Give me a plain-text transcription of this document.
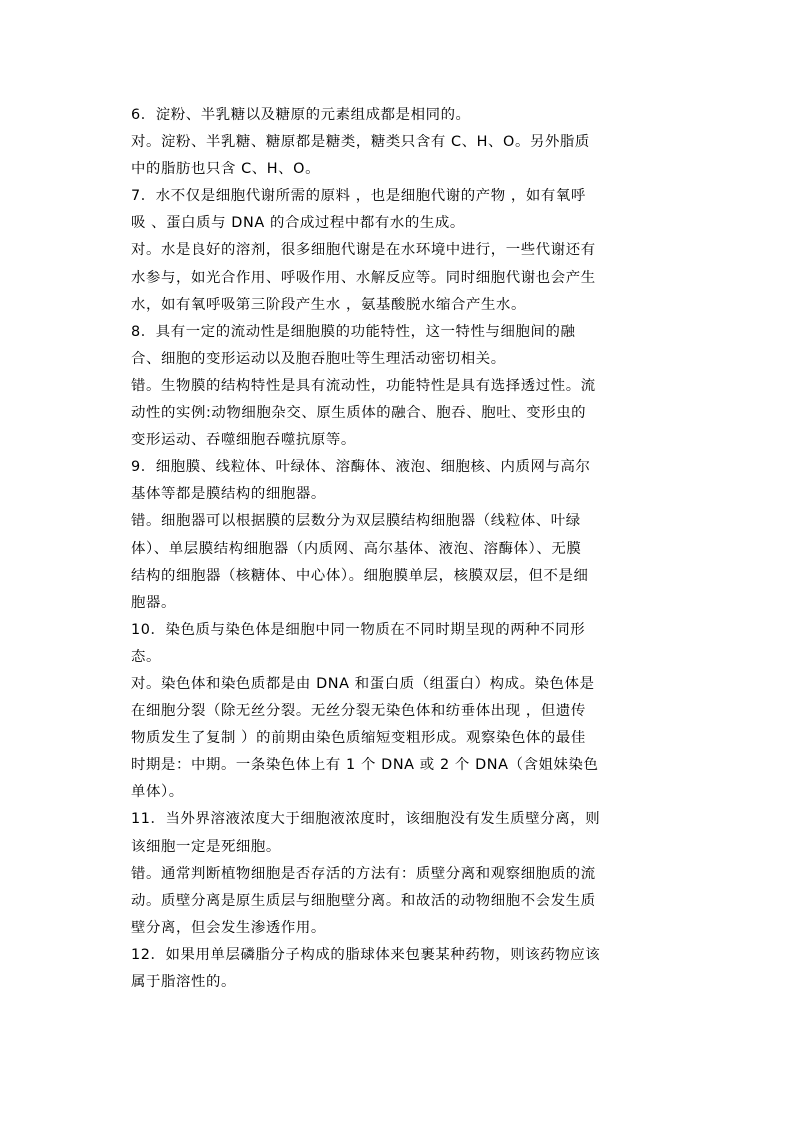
6．淀粉、半乳糖以及糖原的元素组成都是相同的。
对。淀粉、半乳糖、糖原都是糖类，糖类只含有 C、H、O。另外脂质
中的脂肪也只含 C、H、O。
7．水不仅是细胞代谢所需的原料 ，也是细胞代谢的产物 ，如有氧呼
吸 、蛋白质与 DNA 的合成过程中都有水的生成。
对。水是良好的溶剂，很多细胞代谢是在水环境中进行，一些代谢还有
水参与，如光合作用、呼吸作用、水解反应等。同时细胞代谢也会产生
水，如有氧呼吸第三阶段产生水 ，氨基酸脱水缩合产生水。
8．具有一定的流动性是细胞膜的功能特性，这一特性与细胞间的融
合、细胞的变形运动以及胞吞胞吐等生理活动密切相关。
错。生物膜的结构特性是具有流动性，功能特性是具有选择透过性。流
动性的实例:动物细胞杂交、原生质体的融合、胞吞、胞吐、变形虫的
变形运动、吞噬细胞吞噬抗原等。
9．细胞膜、线粒体、叶绿体、溶酶体、液泡、细胞核、内质网与高尔
基体等都是膜结构的细胞器。
错。细胞器可以根据膜的层数分为双层膜结构细胞器（线粒体、叶绿
体）、单层膜结构细胞器（内质网、高尔基体、液泡、溶酶体）、无膜
结构的细胞器（核糖体、中心体）。细胞膜单层，核膜双层，但不是细
胞器。
10．染色质与染色体是细胞中同一物质在不同时期呈现的两种不同形
态。
对。染色体和染色质都是由 DNA 和蛋白质（组蛋白）构成。染色体是
在细胞分裂（除无丝分裂。无丝分裂无染色体和纺垂体出现 ，但遗传
物质发生了复制 ）的前期由染色质缩短变粗形成。观察染色体的最佳
时期是：中期。一条染色体上有 1 个 DNA 或 2 个 DNA（含姐妹染色
单体）。
11．当外界溶液浓度大于细胞液浓度时，该细胞没有发生质壁分离，则
该细胞一定是死细胞。
错。通常判断植物细胞是否存活的方法有：质壁分离和观察细胞质的流
动。质壁分离是原生质层与细胞壁分离。和故活的动物细胞不会发生质
壁分离，但会发生渗透作用。
12．如果用单层磷脂分子构成的脂球体来包裹某种药物，则该药物应该
属于脂溶性的。
